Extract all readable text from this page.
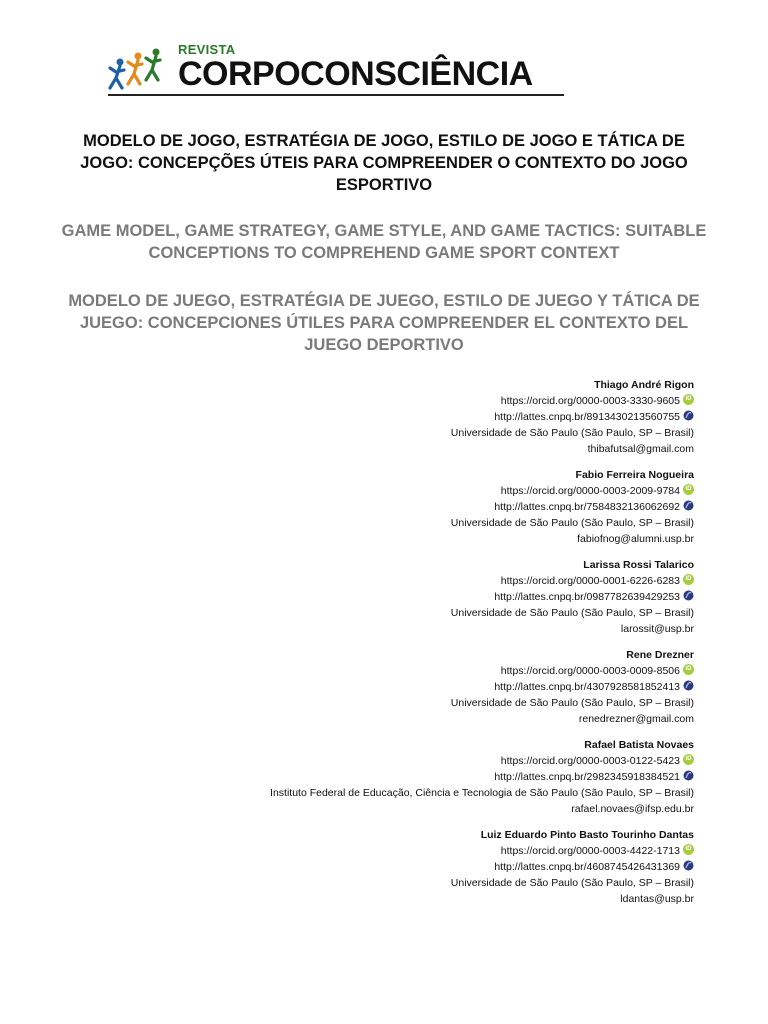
REVISTA
CORPOCONSCIÊNCIA
MODELO DE JOGO, ESTRATÉGIA DE JOGO, ESTILO DE JOGO E TÁTICA DE JOGO: CONCEPÇÕES ÚTEIS PARA COMPREENDER O CONTEXTO DO JOGO ESPORTIVO
GAME MODEL, GAME STRATEGY, GAME STYLE, AND GAME TACTICS: SUITABLE CONCEPTIONS TO COMPREHEND GAME SPORT CONTEXT
MODELO DE JUEGO, ESTRATÉGIA DE JUEGO, ESTILO DE JUEGO Y TÁTICA DE JUEGO: CONCEPCIONES ÚTILES PARA COMPREENDER EL CONTEXTO DEL JUEGO DEPORTIVO
Thiago André Rigon
https://orcid.org/0000-0003-3330-9605iD
http://lattes.cnpq.br/8913430213560755
Universidade de São Paulo (São Paulo, SP – Brasil)
thibafutsal@gmail.com
Fabio Ferreira Nogueira
https://orcid.org/0000-0003-2009-9784iD
http://lattes.cnpq.br/7584832136062692
Universidade de São Paulo (São Paulo, SP – Brasil)
fabiofnog@alumni.usp.br
Larissa Rossi Talarico
https://orcid.org/0000-0001-6226-6283iD
http://lattes.cnpq.br/0987782639429253
Universidade de São Paulo (São Paulo, SP – Brasil)
larossit@usp.br
Rene Drezner
https://orcid.org/0000-0003-0009-8506iD
http://lattes.cnpq.br/4307928581852413
Universidade de São Paulo (São Paulo, SP – Brasil)
renedrezner@gmail.com
Rafael Batista Novaes
https://orcid.org/0000-0003-0122-5423iD
http://lattes.cnpq.br/2982345918384521
Instituto Federal de Educação, Ciência e Tecnologia de São Paulo (São Paulo, SP – Brasil)
rafael.novaes@ifsp.edu.br
Luiz Eduardo Pinto Basto Tourinho Dantas
https://orcid.org/0000-0003-4422-1713iD
http://lattes.cnpq.br/4608745426431369
Universidade de São Paulo (São Paulo, SP – Brasil)
ldantas@usp.br
